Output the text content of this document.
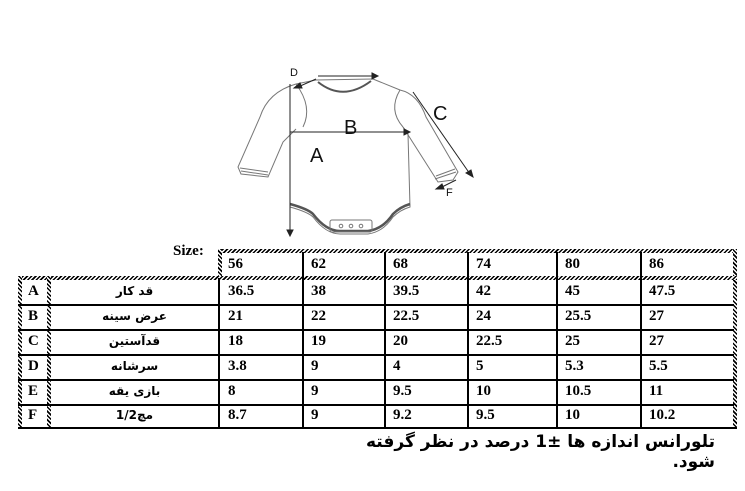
D
B
A
C
F
Size:
56	62	68	74	80	86
A	قد کار	36.5	38	39.5	42	45	47.5
B	عرض سینه	21	22	22.5	24	25.5	27
C	قدآستین	18	19	20	22.5	25	27
D	سرشانه	3.8	9	4	5	5.3	5.5
E	بازی یقه	8	9	9.5	10	10.5	11
F	مچ1/2	8.7	9	9.2	9.5	10	10.2
تلورانس اندازه ها ±1 درصد در نظر گرفته شود.
